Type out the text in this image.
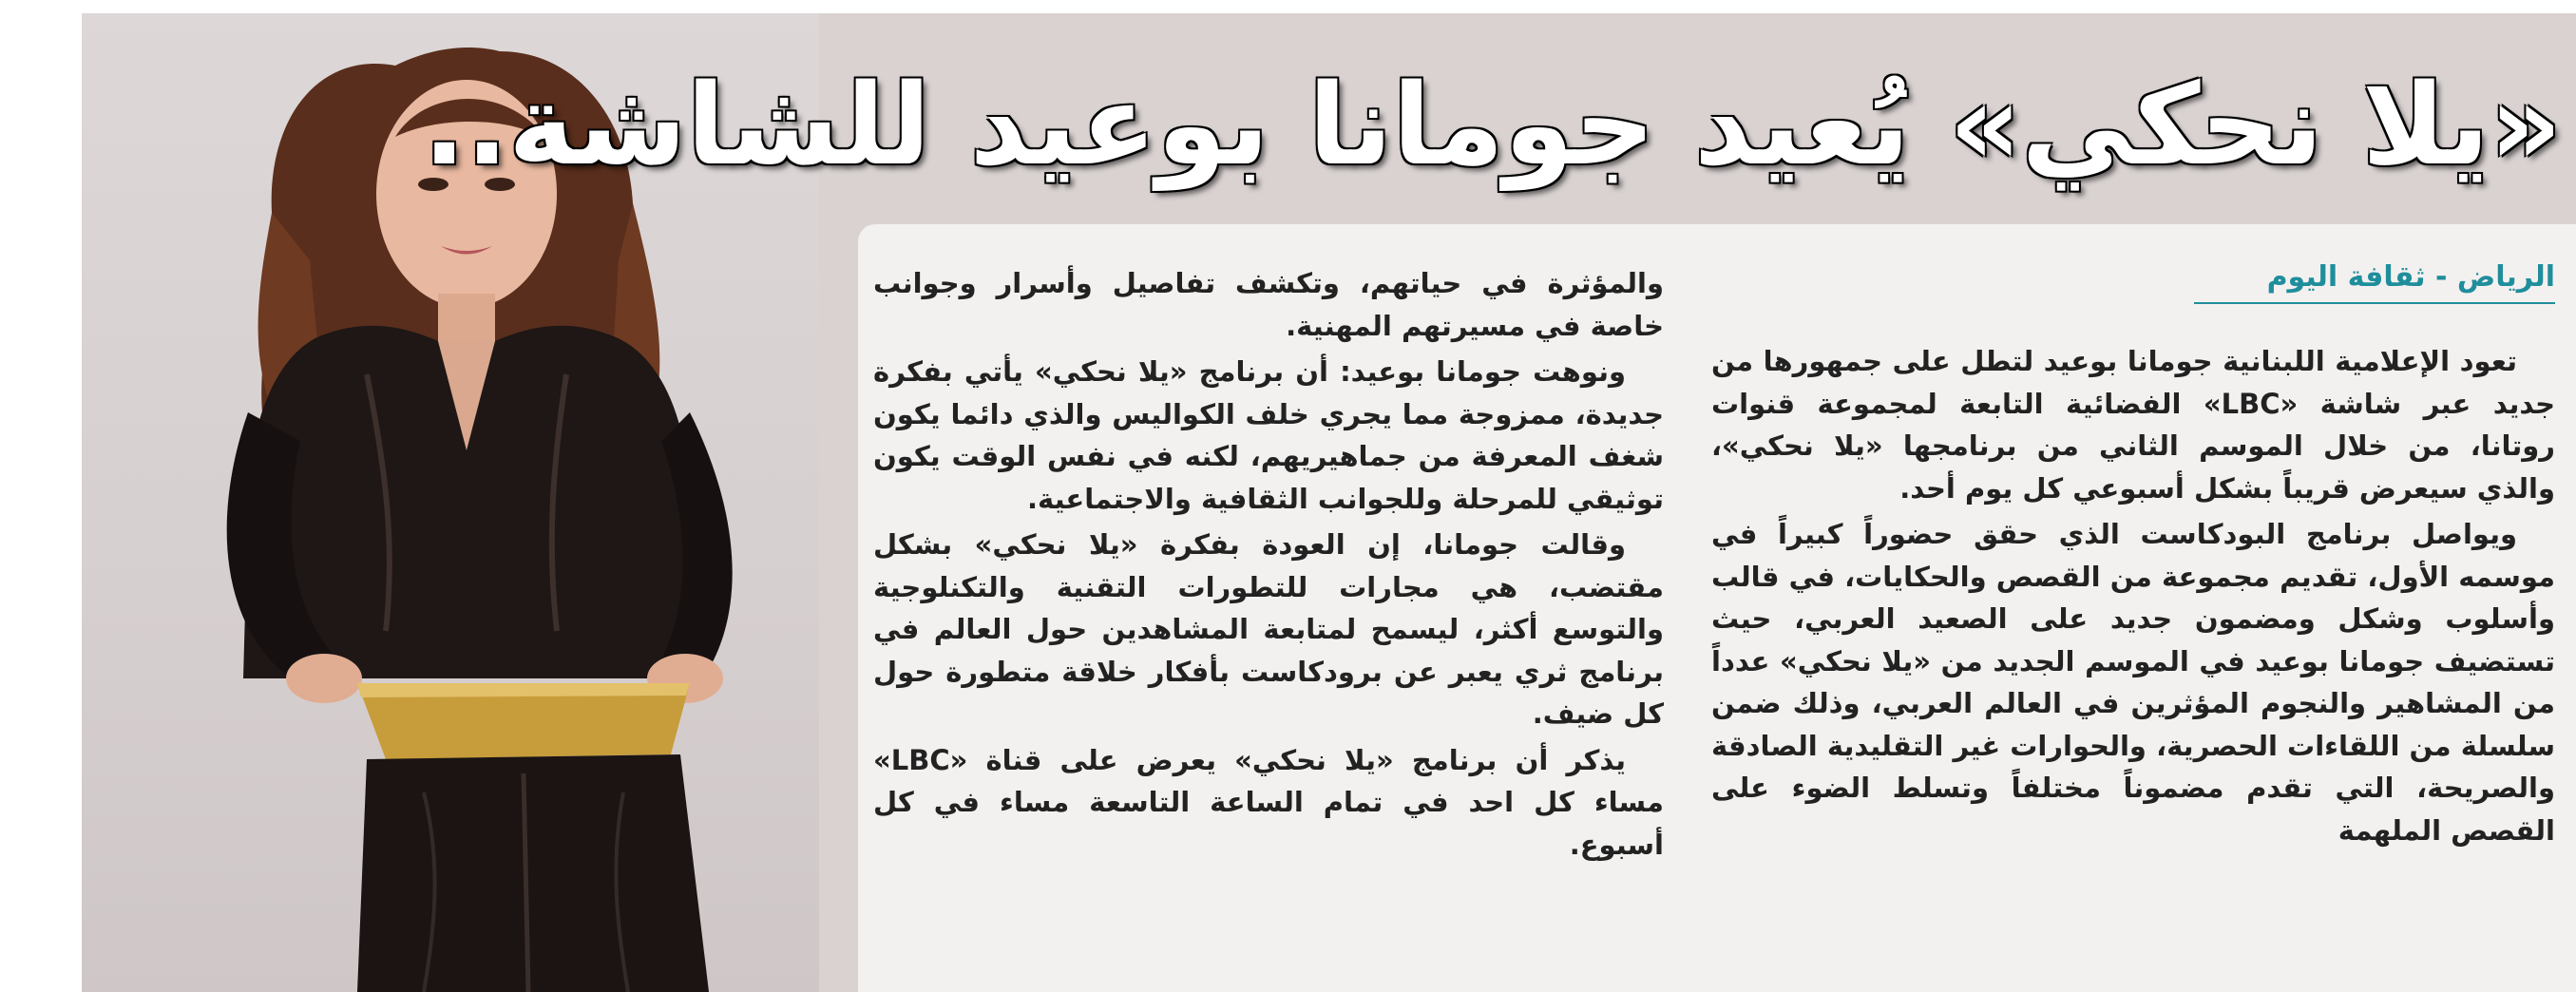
«يلا نحكي» يُعيد جومانا بوعيد للشاشة..
الرياض - ثقافة اليوم

تعود الإعلامية اللبنانية جومانا بوعيد لتطل على جمهورها من جديد عبر شاشة «LBC» الفضائية التابعة لمجموعة قنوات روتانا، من خلال الموسم الثاني من برنامجها «يلا نحكي»، والذي سيعرض قريباً بشكل أسبوعي كل يوم أحد.

ويواصل برنامج البودكاست الذي حقق حضوراً كبيراً في موسمه الأول، تقديم مجموعة من القصص والحكايات، في قالب وأسلوب وشكل ومضمون جديد على الصعيد العربي، حيث تستضيف جومانا بوعيد في الموسم الجديد من «يلا نحكي» عدداً من المشاهير والنجوم المؤثرين في العالم العربي، وذلك ضمن سلسلة من اللقاءات الحصرية، والحوارات غير التقليدية الصادقة والصريحة، التي تقدم مضموناً مختلفاً وتسلط الضوء على القصص الملهمة

والمؤثرة في حياتهم، وتكشف تفاصيل وأسرار وجوانب خاصة في مسيرتهم المهنية.

ونوهت جومانا بوعيد: أن برنامج «يلا نحكي» يأتي بفكرة جديدة، ممزوجة مما يجري خلف الكواليس والذي دائما يكون شغف المعرفة من جماهيريهم، لكنه في نفس الوقت يكون توثيقي للمرحلة وللجوانب الثقافية والاجتماعية.

وقالت جومانا، إن العودة بفكرة «يلا نحكي» بشكل مقتضب، هي مجارات للتطورات التقنية والتكنلوجية والتوسع أكثر، ليسمح لمتابعة المشاهدين حول العالم في برنامج ثري يعبر عن برودكاست بأفكار خلاقة متطورة حول كل ضيف.

يذكر أن برنامج «يلا نحكي» يعرض على قناة «LBC» مساء كل احد في تمام الساعة التاسعة مساء في كل أسبوع.
